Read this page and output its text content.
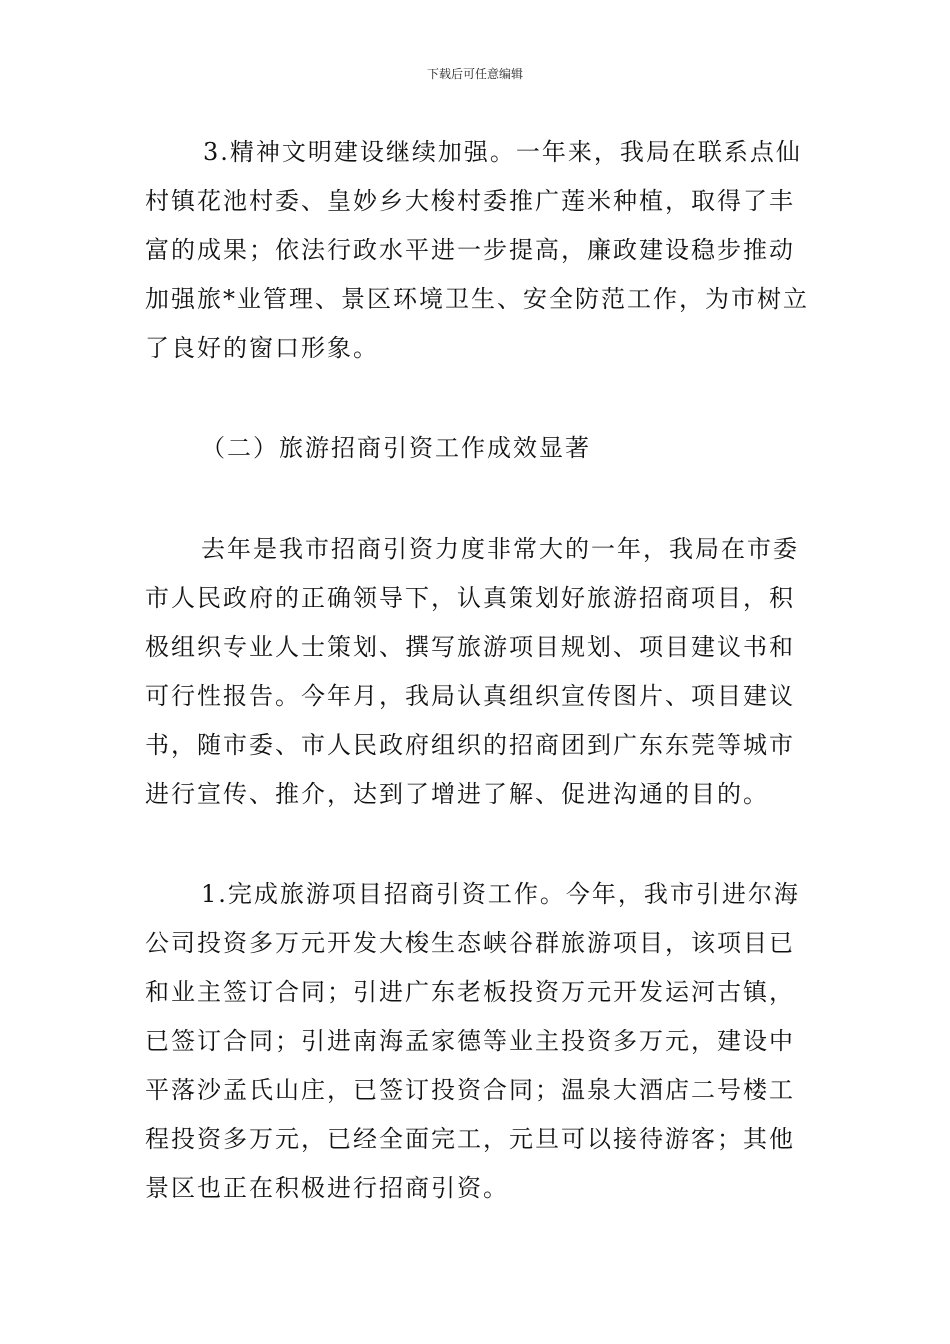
下载后可任意编辑
3.精神文明建设继续加强。一年来，我局在联系点仙
村镇花池村委、皇妙乡大梭村委推广莲米种植，取得了丰
富的成果；依法行政水平进一步提高，廉政建设稳步推动
加强旅*业管理、景区环境卫生、安全防范工作，为市树立
了良好的窗口形象。
（二）旅游招商引资工作成效显著
去年是我市招商引资力度非常大的一年，我局在市委
市人民政府的正确领导下，认真策划好旅游招商项目，积
极组织专业人士策划、撰写旅游项目规划、项目建议书和
可行性报告。今年月，我局认真组织宣传图片、项目建议
书，随市委、市人民政府组织的招商团到广东东莞等城市
进行宣传、推介，达到了增进了解、促进沟通的目的。
1.完成旅游项目招商引资工作。今年，我市引进尔海
公司投资多万元开发大梭生态峡谷群旅游项目，该项目已
和业主签订合同；引进广东老板投资万元开发运河古镇，
已签订合同；引进南海孟家德等业主投资多万元，建设中
平落沙孟氏山庄，已签订投资合同；温泉大酒店二号楼工
程投资多万元，已经全面完工，元旦可以接待游客；其他
景区也正在积极进行招商引资。
